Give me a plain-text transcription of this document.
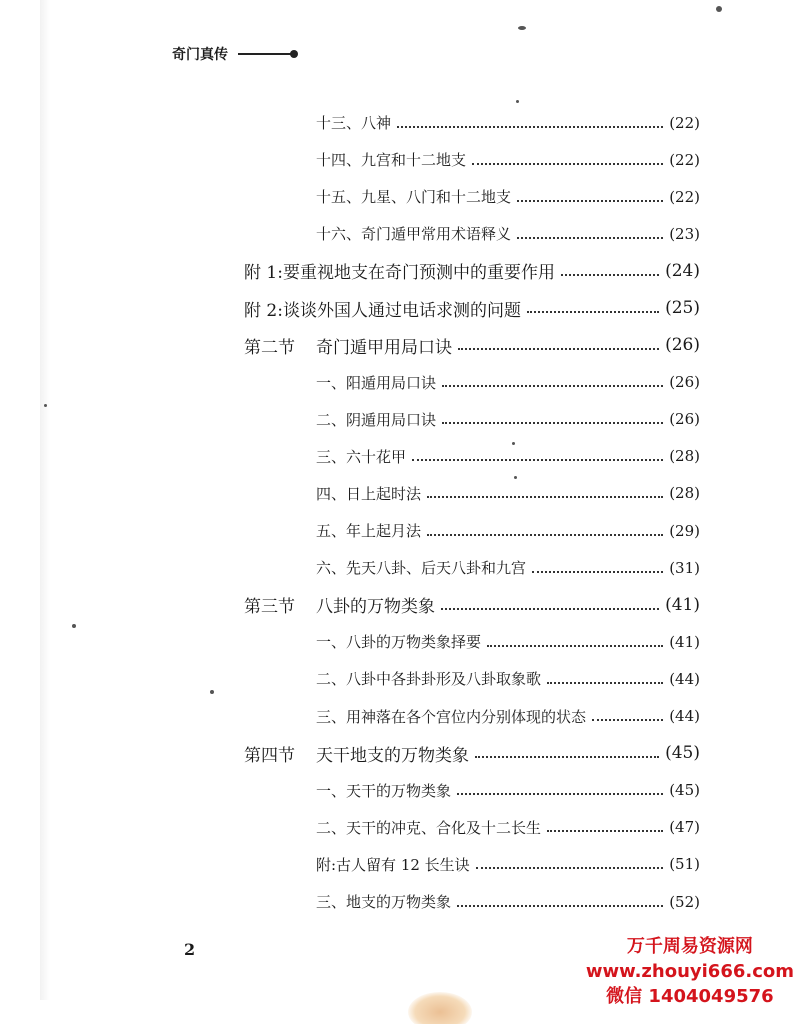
奇门真传
十三、八神	(22)
十四、九宫和十二地支	(22)
十五、九星、八门和十二地支	(22)
十六、奇门遁甲常用术语释义	(23)
附 1:要重视地支在奇门预测中的重要作用	(24)
附 2:谈谈外国人通过电话求测的问题	(25)
第二节	奇门遁甲用局口诀	(26)
一、阳遁用局口诀	(26)
二、阴遁用局口诀	(26)
三、六十花甲	(28)
四、日上起时法	(28)
五、年上起月法	(29)
六、先天八卦、后天八卦和九宫	(31)
第三节	八卦的万物类象	(41)
一、八卦的万物类象择要	(41)
二、八卦中各卦卦形及八卦取象歌	(44)
三、用神落在各个宫位内分别体现的状态	(44)
第四节	天干地支的万物类象	(45)
一、天干的万物类象	(45)
二、天干的冲克、合化及十二长生	(47)
附:古人留有 12 长生诀	(51)
三、地支的万物类象	(52)
2	万千周易资源网
www.zhouyi666.com
微信 1404049576
